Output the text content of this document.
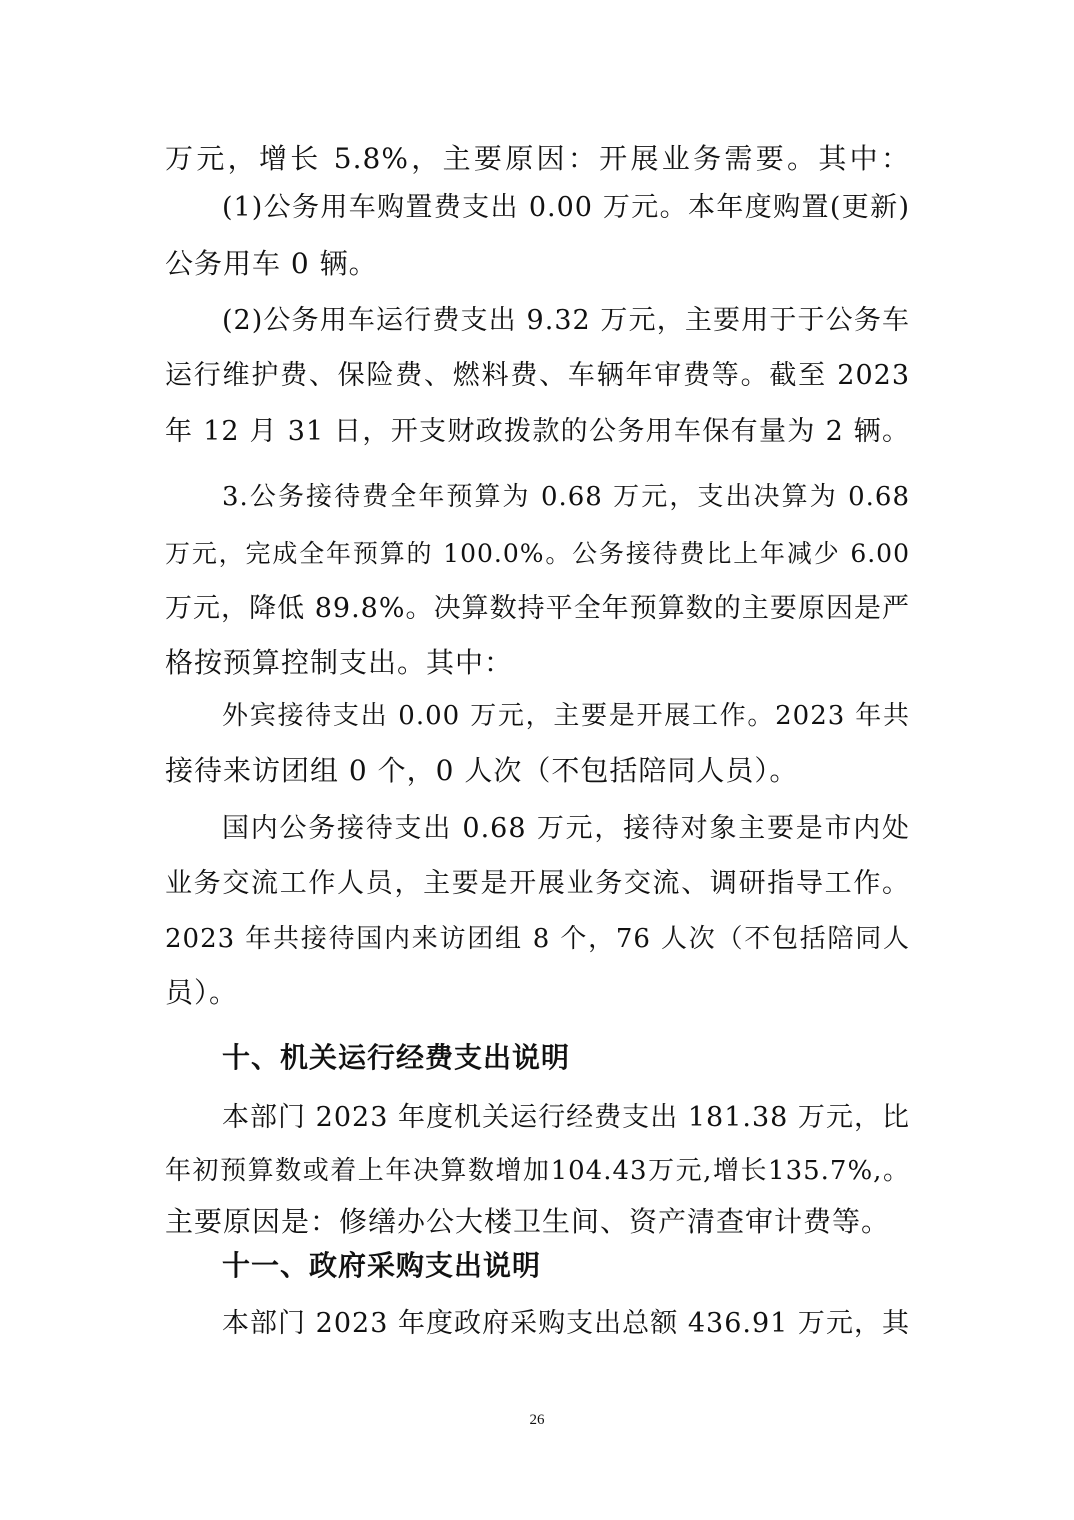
万元，增长 5.8%，主要原因：开展业务需要。其中：
(1)公务用车购置费支出 0.00 万元。本年度购置(更新)
公务用车 0 辆。
(2)公务用车运行费支出 9.32 万元，主要用于于公务车
运行维护费、保险费、燃料费、车辆年审费等。截至 2023
年 12 月 31 日，开支财政拨款的公务用车保有量为 2 辆。
3.公务接待费全年预算为 0.68 万元，支出决算为 0.68
万元，完成全年预算的 100.0%。公务接待费比上年减少 6.00
万元，降低 89.8%。决算数持平全年预算数的主要原因是严
格按预算控制支出。其中：
外宾接待支出 0.00 万元，主要是开展工作。2023 年共
接待来访团组 0 个，0 人次（不包括陪同人员）。
国内公务接待支出 0.68 万元，接待对象主要是市内处
业务交流工作人员，主要是开展业务交流、调研指导工作。
2023 年共接待国内来访团组 8 个，76 人次（不包括陪同人
员）。
十、机关运行经费支出说明
本部门 2023 年度机关运行经费支出 181.38 万元，比
年初预算数或着上年决算数增加104.43万元,增长135.7%,。
主要原因是：修缮办公大楼卫生间、资产清查审计费等。
十一、政府采购支出说明
本部门 2023 年度政府采购支出总额 436.91 万元，其
26
